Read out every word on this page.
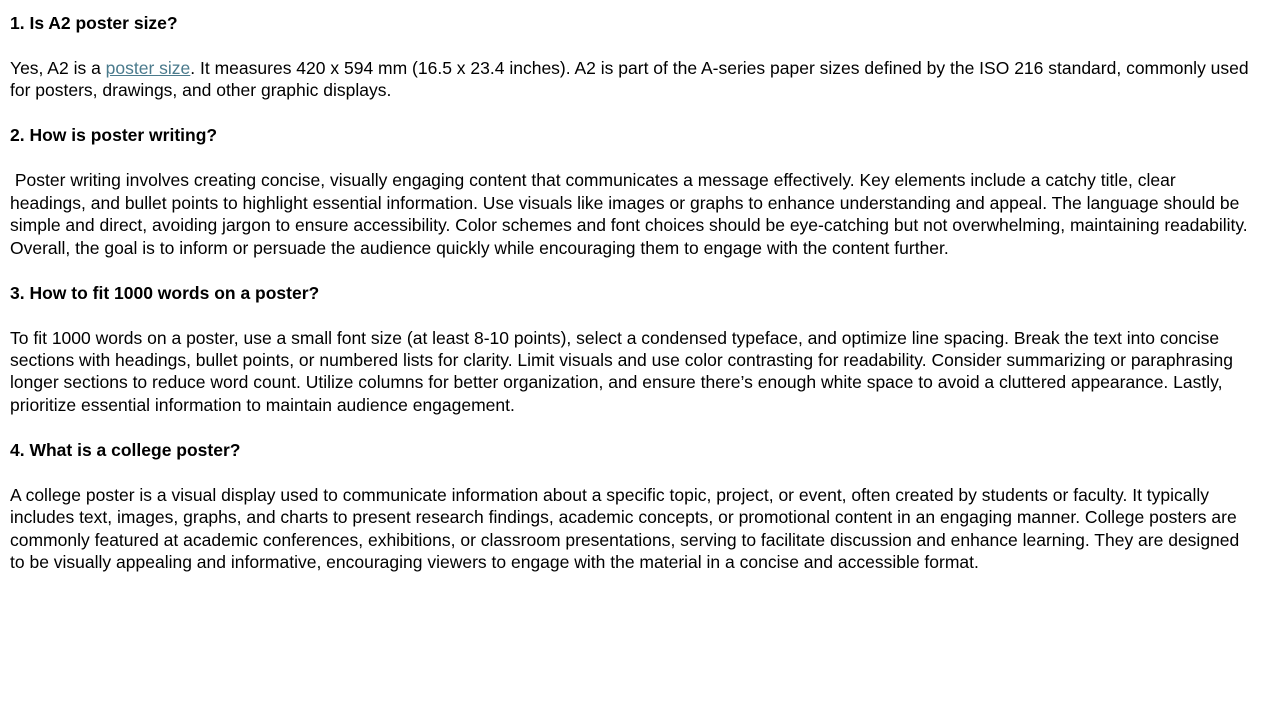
1. Is A2 poster size?
Yes, A2 is a poster size. It measures 420 x 594 mm (16.5 x 23.4 inches). A2 is part of the A-series paper sizes defined by the ISO 216 standard, commonly used for posters, drawings, and other graphic displays.
2. How is poster writing?
Poster writing involves creating concise, visually engaging content that communicates a message effectively. Key elements include a catchy title, clear headings, and bullet points to highlight essential information. Use visuals like images or graphs to enhance understanding and appeal. The language should be simple and direct, avoiding jargon to ensure accessibility. Color schemes and font choices should be eye-catching but not overwhelming, maintaining readability. Overall, the goal is to inform or persuade the audience quickly while encouraging them to engage with the content further.
3. How to fit 1000 words on a poster?
To fit 1000 words on a poster, use a small font size (at least 8-10 points), select a condensed typeface, and optimize line spacing. Break the text into concise sections with headings, bullet points, or numbered lists for clarity. Limit visuals and use color contrasting for readability. Consider summarizing or paraphrasing longer sections to reduce word count. Utilize columns for better organization, and ensure there’s enough white space to avoid a cluttered appearance. Lastly, prioritize essential information to maintain audience engagement.
4. What is a college poster?
A college poster is a visual display used to communicate information about a specific topic, project, or event, often created by students or faculty. It typically includes text, images, graphs, and charts to present research findings, academic concepts, or promotional content in an engaging manner. College posters are commonly featured at academic conferences, exhibitions, or classroom presentations, serving to facilitate discussion and enhance learning. They are designed to be visually appealing and informative, encouraging viewers to engage with the material in a concise and accessible format.
